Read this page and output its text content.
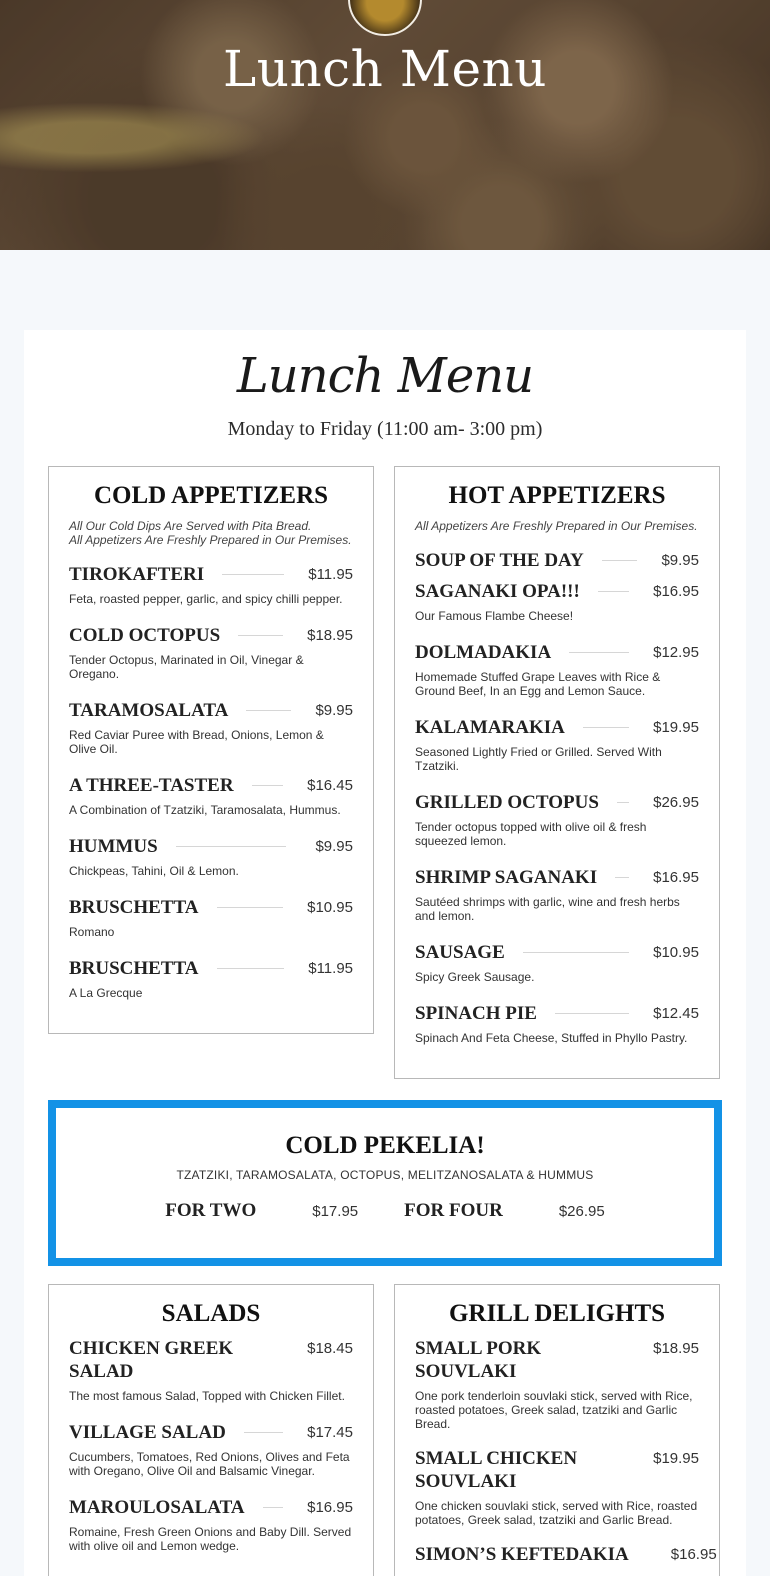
Lunch Menu
Lunch Menu
Monday to Friday (11:00 am- 3:00 pm)
COLD APPETIZERS
All Our Cold Dips Are Served with Pita Bread.
All Appetizers Are Freshly Prepared in Our Premises.
TIROKAFTERI	$11.95
Feta, roasted pepper, garlic, and spicy chilli pepper.
COLD OCTOPUS	$18.95
Tender Octopus, Marinated in Oil, Vinegar & Oregano.
TARAMOSALATA	$9.95
Red Caviar Puree with Bread, Onions, Lemon & Olive Oil.
A THREE-TASTER	$16.45
A Combination of Tzatziki, Taramosalata, Hummus.
HUMMUS	$9.95
Chickpeas, Tahini, Oil & Lemon.
BRUSCHETTA	$10.95
Romano
BRUSCHETTA	$11.95
A La Grecque
HOT APPETIZERS
All Appetizers Are Freshly Prepared in Our Premises.
SOUP OF THE DAY	$9.95
SAGANAKI OPA!!!	$16.95
Our Famous Flambe Cheese!
DOLMADAKIA	$12.95
Homemade Stuffed Grape Leaves with Rice & Ground Beef, In an Egg and Lemon Sauce.
KALAMARAKIA	$19.95
Seasoned Lightly Fried or Grilled. Served With Tzatziki.
GRILLED OCTOPUS	$26.95
Tender octopus topped with olive oil & fresh squeezed lemon.
SHRIMP SAGANAKI	$16.95
Sautéed shrimps with garlic, wine and fresh herbs and lemon.
SAUSAGE	$10.95
Spicy Greek Sausage.
SPINACH PIE	$12.45
Spinach And Feta Cheese, Stuffed in Phyllo Pastry.
COLD PEKELIA!
TZATZIKI, TARAMOSALATA, OCTOPUS, MELITZANOSALATA & HUMMUS
FOR TWO	$17.95	FOR FOUR	$26.95
SALADS
CHICKEN GREEK SALAD
$18.45
The most famous Salad, Topped with Chicken Fillet.
VILLAGE SALAD	$17.45
Cucumbers, Tomatoes, Red Onions, Olives and Feta with Oregano, Olive Oil and Balsamic Vinegar.
MAROULOSALATA	$16.95
Romaine, Fresh Green Onions and Baby Dill. Served with olive oil and Lemon wedge.
GRILL DELIGHTS
SMALL PORK SOUVLAKI
$18.95
One pork tenderloin souvlaki stick, served with Rice, roasted potatoes, Greek salad, tzatziki and Garlic Bread.
SMALL CHICKEN SOUVLAKI
$19.95
One chicken souvlaki stick, served with Rice, roasted potatoes, Greek salad, tzatziki and Garlic Bread.
SIMON’S KEFTEDAKIA	$16.95
